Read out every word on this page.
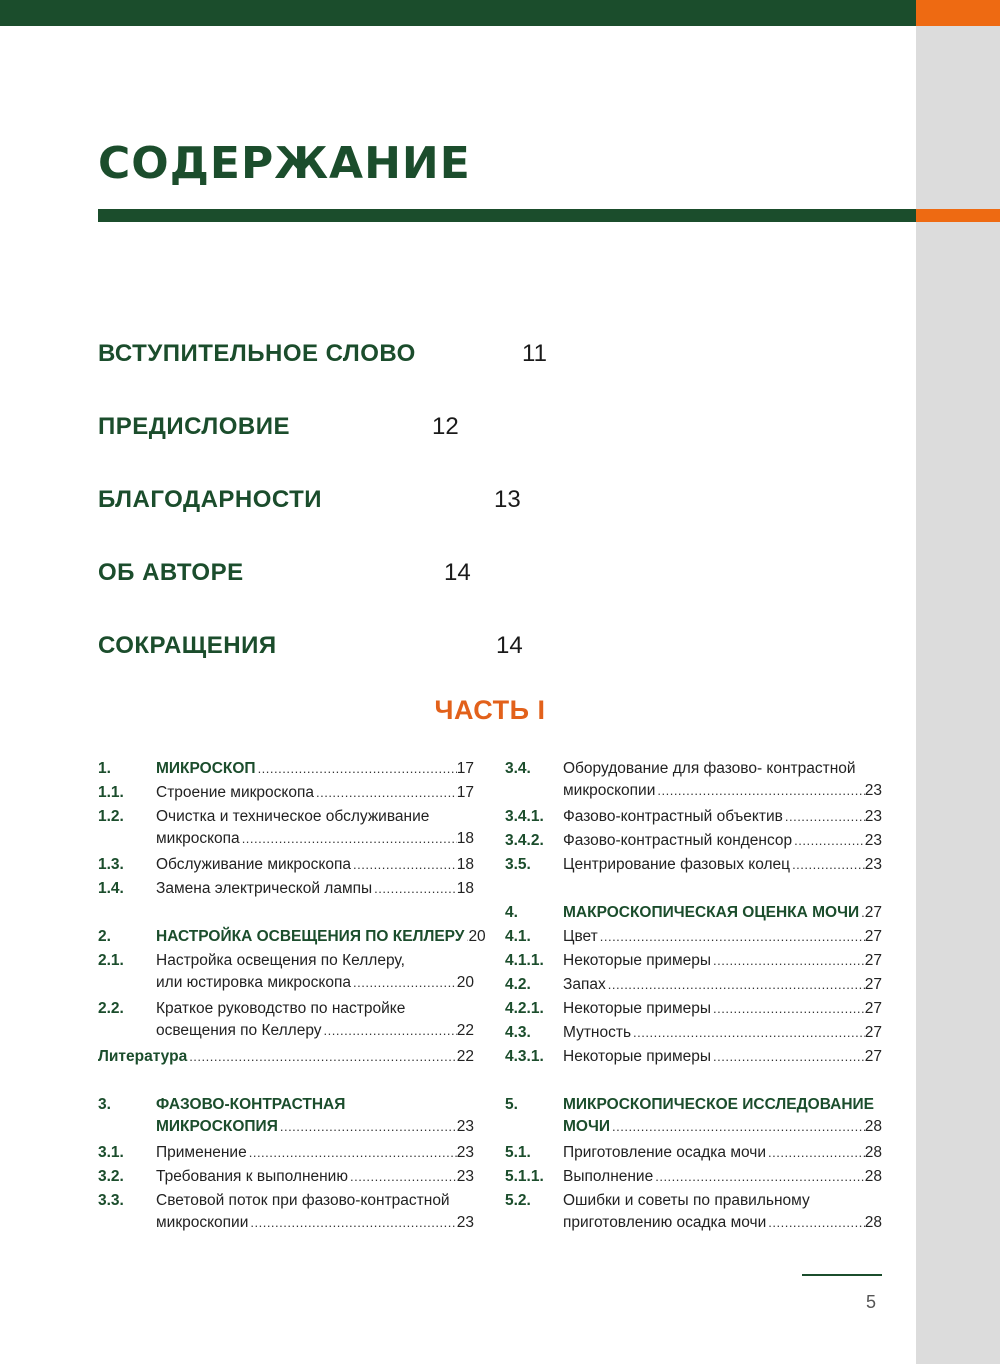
СОДЕРЖАНИЕ
ВСТУПИТЕЛЬНОЕ СЛОВО	11
ПРЕДИСЛОВИЕ	12
БЛАГОДАРНОСТИ	13
ОБ АВТОРЕ	14
СОКРАЩЕНИЯ	14
ЧАСТЬ I
1.	МИКРОСКОП .....	17
1.1. Строение микроскопа .....	17
1.2. Очистка и техническое обслуживание
микроскопа .....	18
1.3. Обслуживание микроскопа .....	18
1.4. Замена электрической лампы .....	18
2.	НАСТРОЙКА ОСВЕЩЕНИЯ ПО КЕЛЛЕРУ ..... 20
2.1. Настройка освещения по Келлеру,
или юстировка микроскопа .....	20
2.2. Краткое руководство по настройке
освещения по Келлеру .....	22
Литература .....	22
3.	ФАЗОВО-КОНТРАСТНАЯ
МИКРОСКОПИЯ .....	23
3.1. Применение .....	23
3.2. Требования к выполнению .....	23
3.3. Световой поток при фазово-контрастной
микроскопии .....	23
3.4. Оборудование для фазово- контрастной
микроскопии .....	23
3.4.1. Фазово-контрастный объектив .....	23
3.4.2. Фазово-контрастный конденсор .....	23
3.5. Центрирование фазовых колец .....	23
4.	МАКРОСКОПИЧЕСКАЯ ОЦЕНКА МОЧИ ..... 27
4.1. Цвет .....	27
4.1.1. Некоторые примеры .....	27
4.2. Запах .....	27
4.2.1. Некоторые примеры .....	27
4.3. Мутность .....	27
4.3.1. Некоторые примеры .....	27
5.	МИКРОСКОПИЧЕСКОЕ ИССЛЕДОВАНИЕ
МОЧИ .....	28
5.1. Приготовление осадка мочи .....	28
5.1.1. Выполнение .....	28
5.2. Ошибки и советы по правильному
приготовлению осадка мочи .....	28
5
